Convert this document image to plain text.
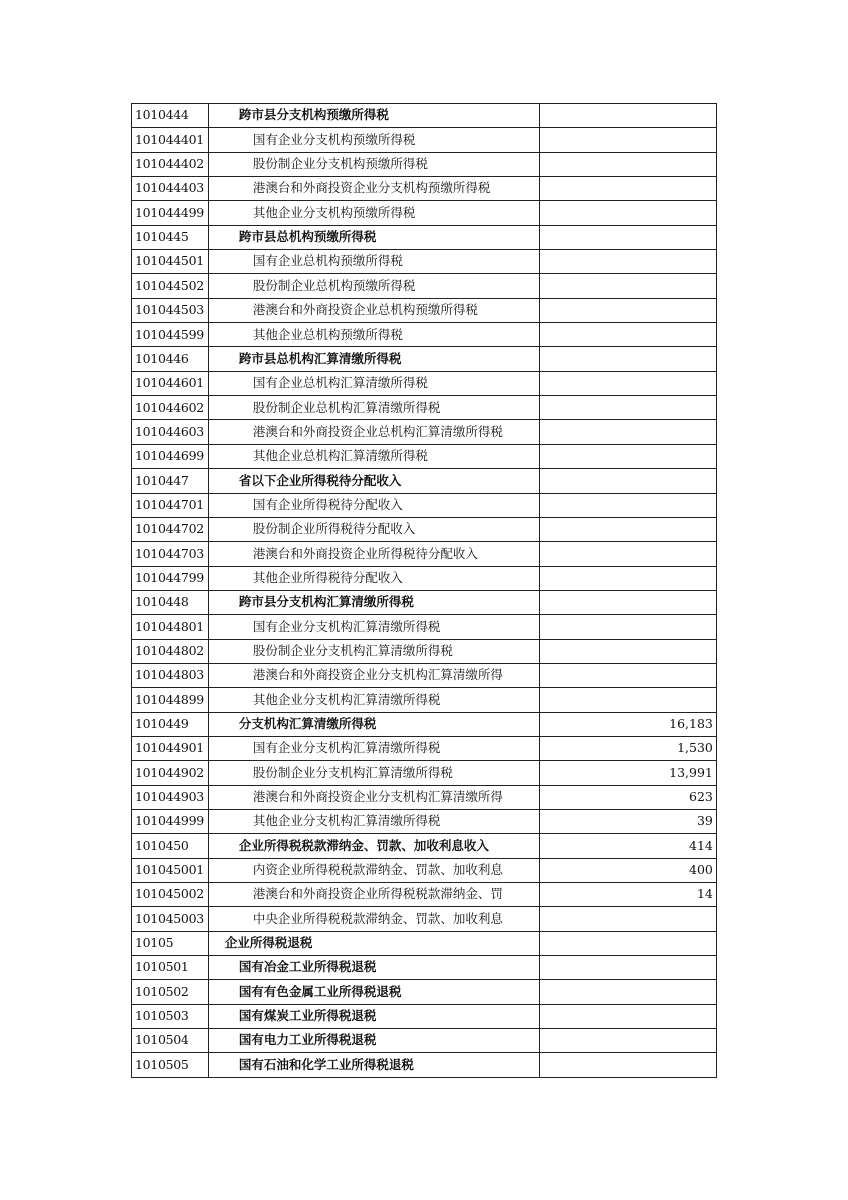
1010444	跨市县分支机构预缴所得税	
101044401	国有企业分支机构预缴所得税	
101044402	股份制企业分支机构预缴所得税	
101044403	港澳台和外商投资企业分支机构预缴所得税	
101044499	其他企业分支机构预缴所得税	
1010445	跨市县总机构预缴所得税	
101044501	国有企业总机构预缴所得税	
101044502	股份制企业总机构预缴所得税	
101044503	港澳台和外商投资企业总机构预缴所得税	
101044599	其他企业总机构预缴所得税	
1010446	跨市县总机构汇算清缴所得税	
101044601	国有企业总机构汇算清缴所得税	
101044602	股份制企业总机构汇算清缴所得税	
101044603	港澳台和外商投资企业总机构汇算清缴所得税	
101044699	其他企业总机构汇算清缴所得税	
1010447	省以下企业所得税待分配收入	
101044701	国有企业所得税待分配收入	
101044702	股份制企业所得税待分配收入	
101044703	港澳台和外商投资企业所得税待分配收入	
101044799	其他企业所得税待分配收入	
1010448	跨市县分支机构汇算清缴所得税	
101044801	国有企业分支机构汇算清缴所得税	
101044802	股份制企业分支机构汇算清缴所得税	
101044803	港澳台和外商投资企业分支机构汇算清缴所得	
101044899	其他企业分支机构汇算清缴所得税	
1010449	分支机构汇算清缴所得税	16,183
101044901	国有企业分支机构汇算清缴所得税	1,530
101044902	股份制企业分支机构汇算清缴所得税	13,991
101044903	港澳台和外商投资企业分支机构汇算清缴所得	623
101044999	其他企业分支机构汇算清缴所得税	39
1010450	企业所得税税款滞纳金、罚款、加收利息收入	414
101045001	内资企业所得税税款滞纳金、罚款、加收利息	400
101045002	港澳台和外商投资企业所得税税款滞纳金、罚	14
101045003	中央企业所得税税款滞纳金、罚款、加收利息	
10105	企业所得税退税	
1010501	国有冶金工业所得税退税	
1010502	国有有色金属工业所得税退税	
1010503	国有煤炭工业所得税退税	
1010504	国有电力工业所得税退税	
1010505	国有石油和化学工业所得税退税	
